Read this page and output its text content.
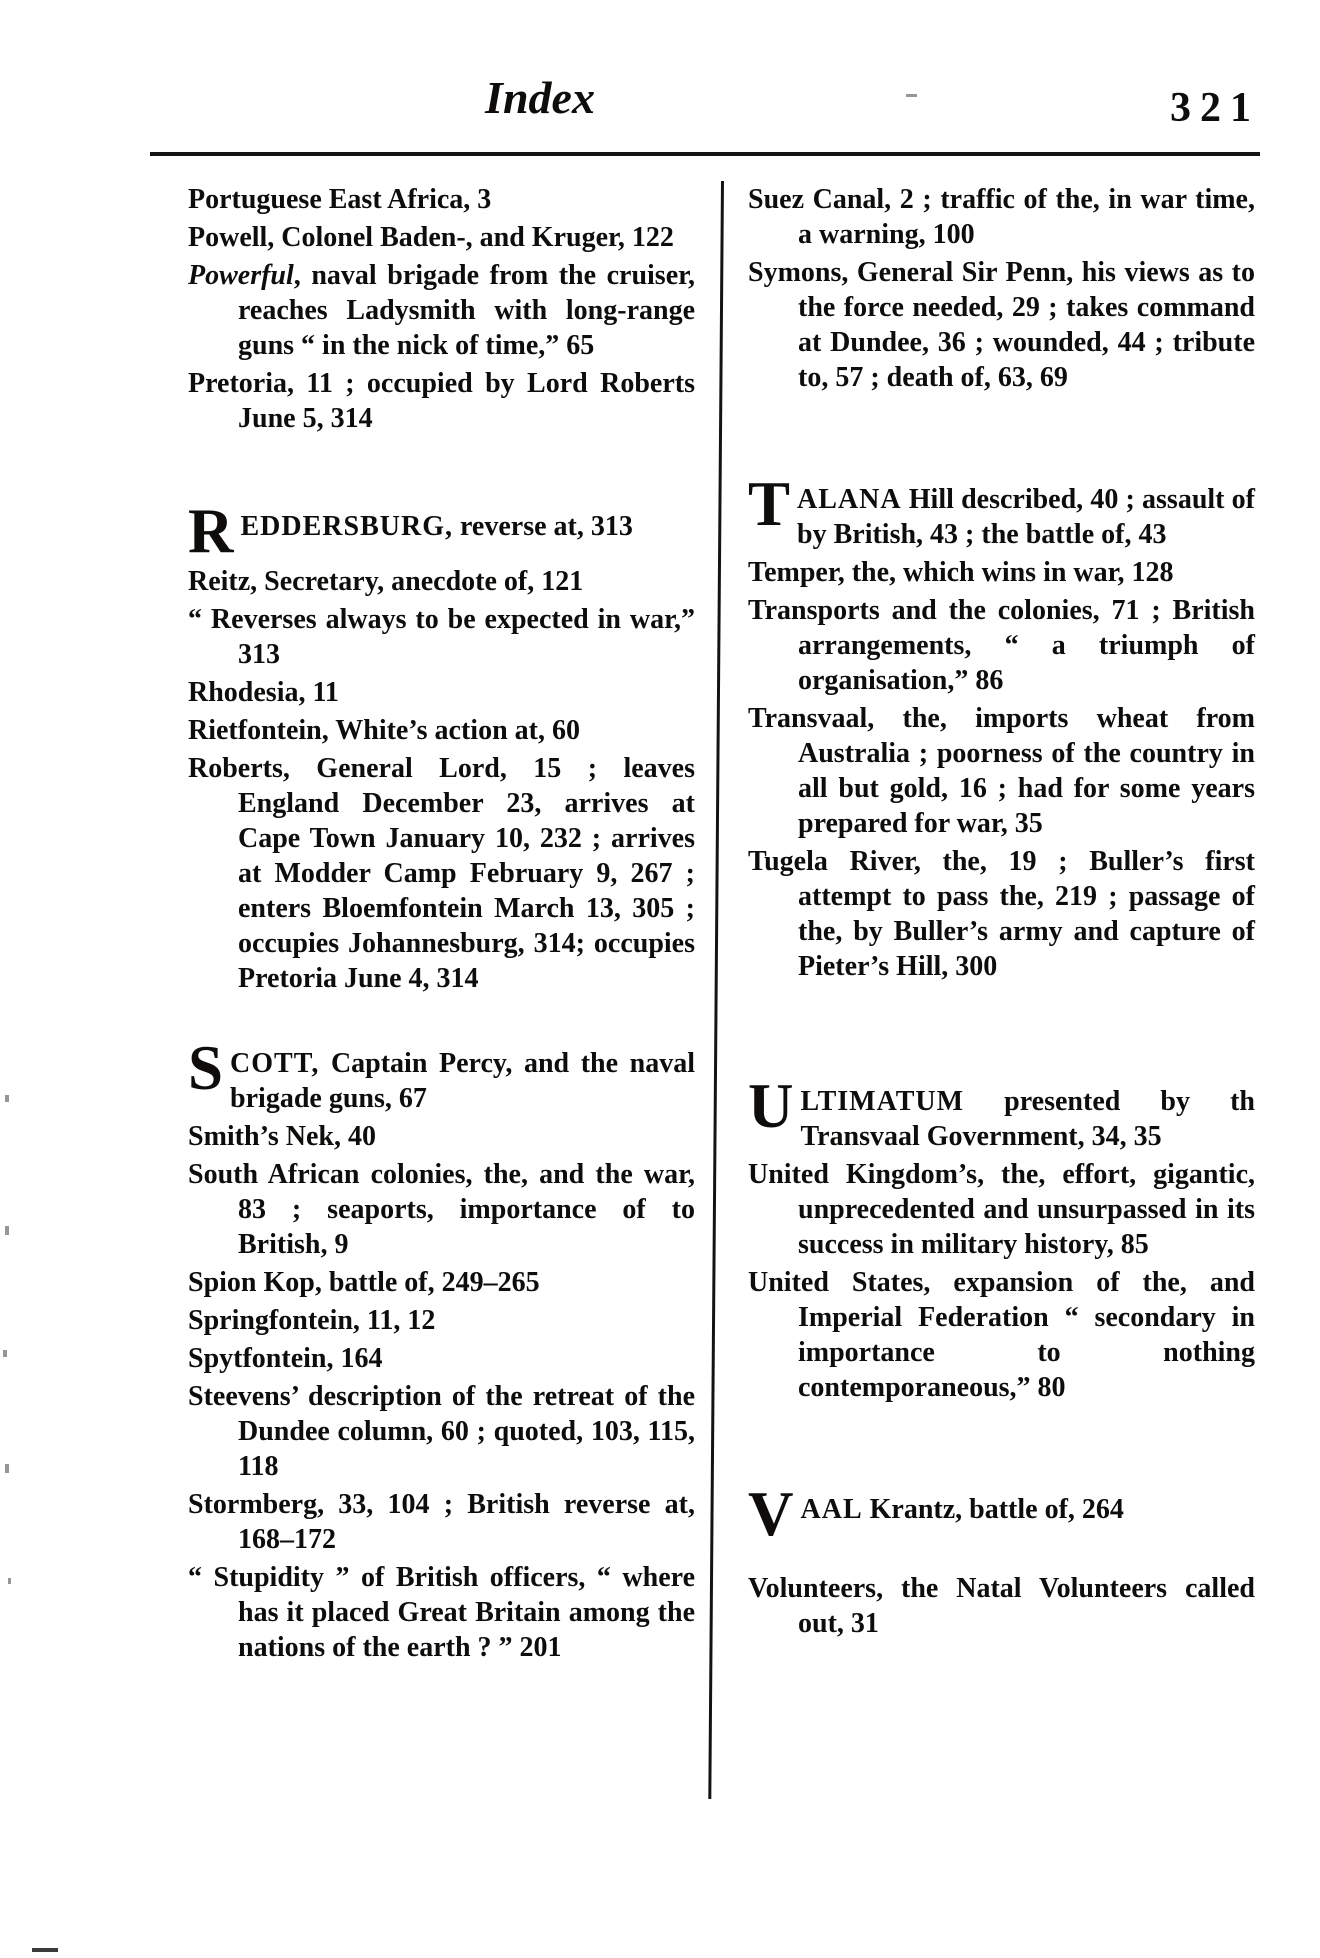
Index	321
Portuguese East Africa, 3
Powell, Colonel Baden-, and Kruger, 122
Powerful, naval brigade from the cruiser, reaches Ladysmith with long-range guns “ in the nick of time,” 65
Pretoria, 11 ; occupied by Lord Roberts June 5, 314
REDDERSBURG, reverse at, 313
Reitz, Secretary, anecdote of, 121
“ Reverses always to be expected in war,” 313
Rhodesia, 11
Rietfontein, White’s action at, 60
Roberts, General Lord, 15 ; leaves England December 23, arrives at Cape Town January 10, 232 ; arrives at Modder Camp February 9, 267 ; enters Bloemfontein March 13, 305 ; occupies Johannesburg, 314; occupies Pretoria June 4, 314
SCOTT, Captain Percy, and the naval brigade guns, 67
Smith’s Nek, 40
South African colonies, the, and the war, 83 ; seaports, importance of to British, 9
Spion Kop, battle of, 249–265
Springfontein, 11, 12
Spytfontein, 164
Steevens’ description of the retreat of the Dundee column, 60 ; quoted, 103, 115, 118
Stormberg, 33, 104 ; British reverse at, 168–172
“ Stupidity ” of British officers, “ where has it placed Great Britain among the nations of the earth ? ” 201
Suez Canal, 2 ; traffic of the, in war time, a warning, 100
Symons, General Sir Penn, his views as to the force needed, 29 ; takes command at Dundee, 36 ; wounded, 44 ; tribute to, 57 ; death of, 63, 69
TALANA Hill described, 40 ; assault of by British, 43 ; the battle of, 43
Temper, the, which wins in war, 128
Transports and the colonies, 71 ; British arrangements, “ a triumph of organisation,” 86
Transvaal, the, imports wheat from Australia ; poorness of the country in all but gold, 16 ; had for some years prepared for war, 35
Tugela River, the, 19 ; Buller’s first attempt to pass the, 219 ; passage of the, by Buller’s army and capture of Pieter’s Hill, 300
ULTIMATUM presented by th Transvaal Government, 34, 35
United Kingdom’s, the, effort, gigantic, unprecedented and unsurpassed in its success in military history, 85
United States, expansion of the, and Imperial Federation “ secondary in importance to nothing contemporaneous,” 80
VAAL Krantz, battle of, 264
Volunteers, the Natal Volunteers called out, 31
